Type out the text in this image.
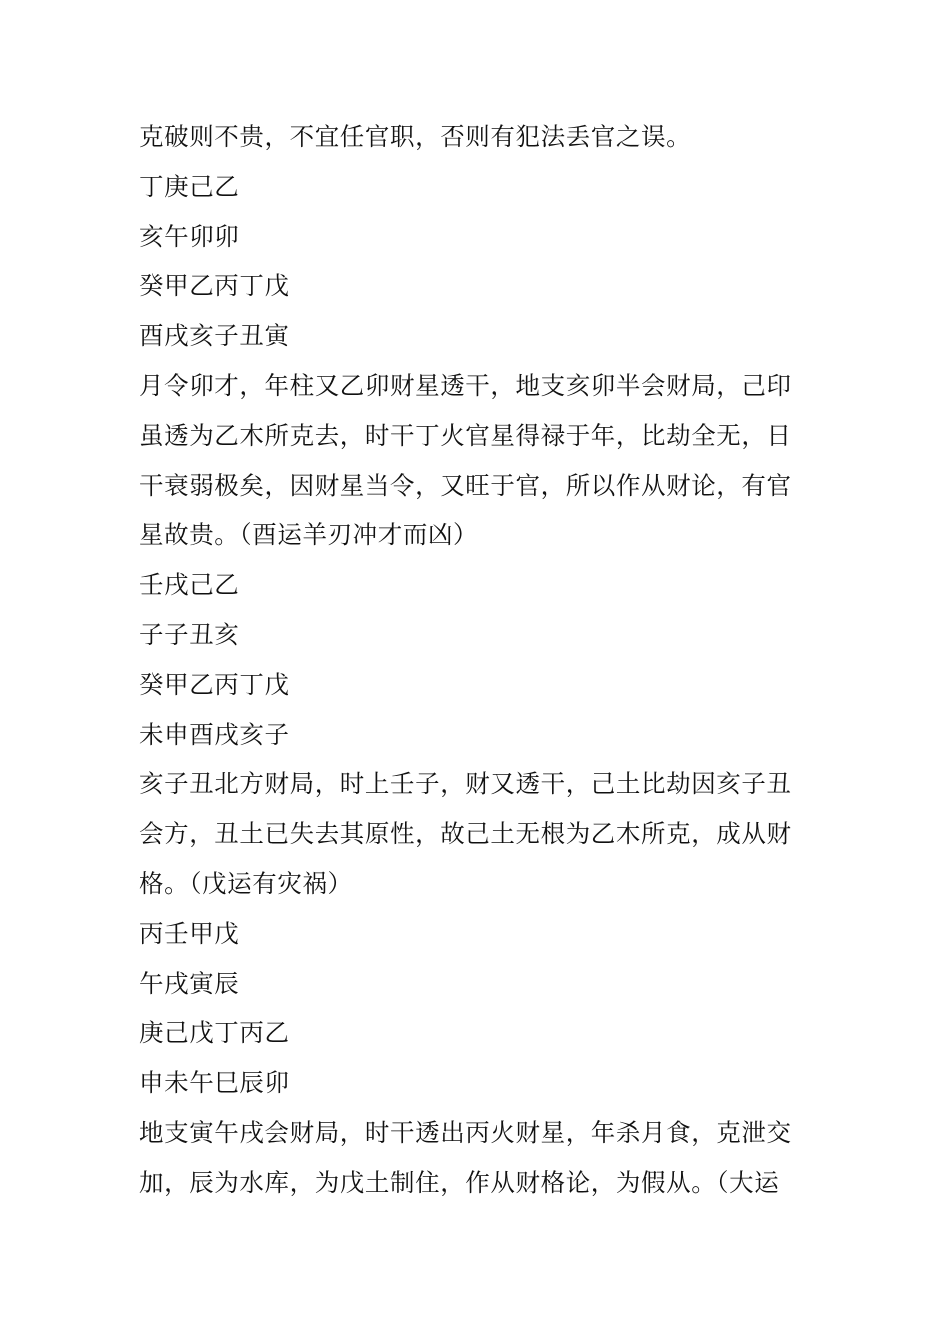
克破则不贵，不宜任官职，否则有犯法丢官之误。
丁庚己乙
亥午卯卯
癸甲乙丙丁戊
酉戌亥子丑寅
月令卯才，年柱又乙卯财星透干，地支亥卯半会财局，己印
虽透为乙木所克去，时干丁火官星得禄于年，比劫全无，日
干衰弱极矣，因财星当令，又旺于官，所以作从财论，有官
星故贵。（酉运羊刃冲才而凶）
壬戌己乙
子子丑亥
癸甲乙丙丁戊
未申酉戌亥子
亥子丑北方财局，时上壬子，财又透干，己土比劫因亥子丑
会方，丑土已失去其原性，故己土无根为乙木所克，成从财
格。（戊运有灾祸）
丙壬甲戊
午戌寅辰
庚己戊丁丙乙
申未午巳辰卯
地支寅午戌会财局，时干透出丙火财星，年杀月食，克泄交
加，辰为水库，为戊土制住，作从财格论，为假从。（大运
